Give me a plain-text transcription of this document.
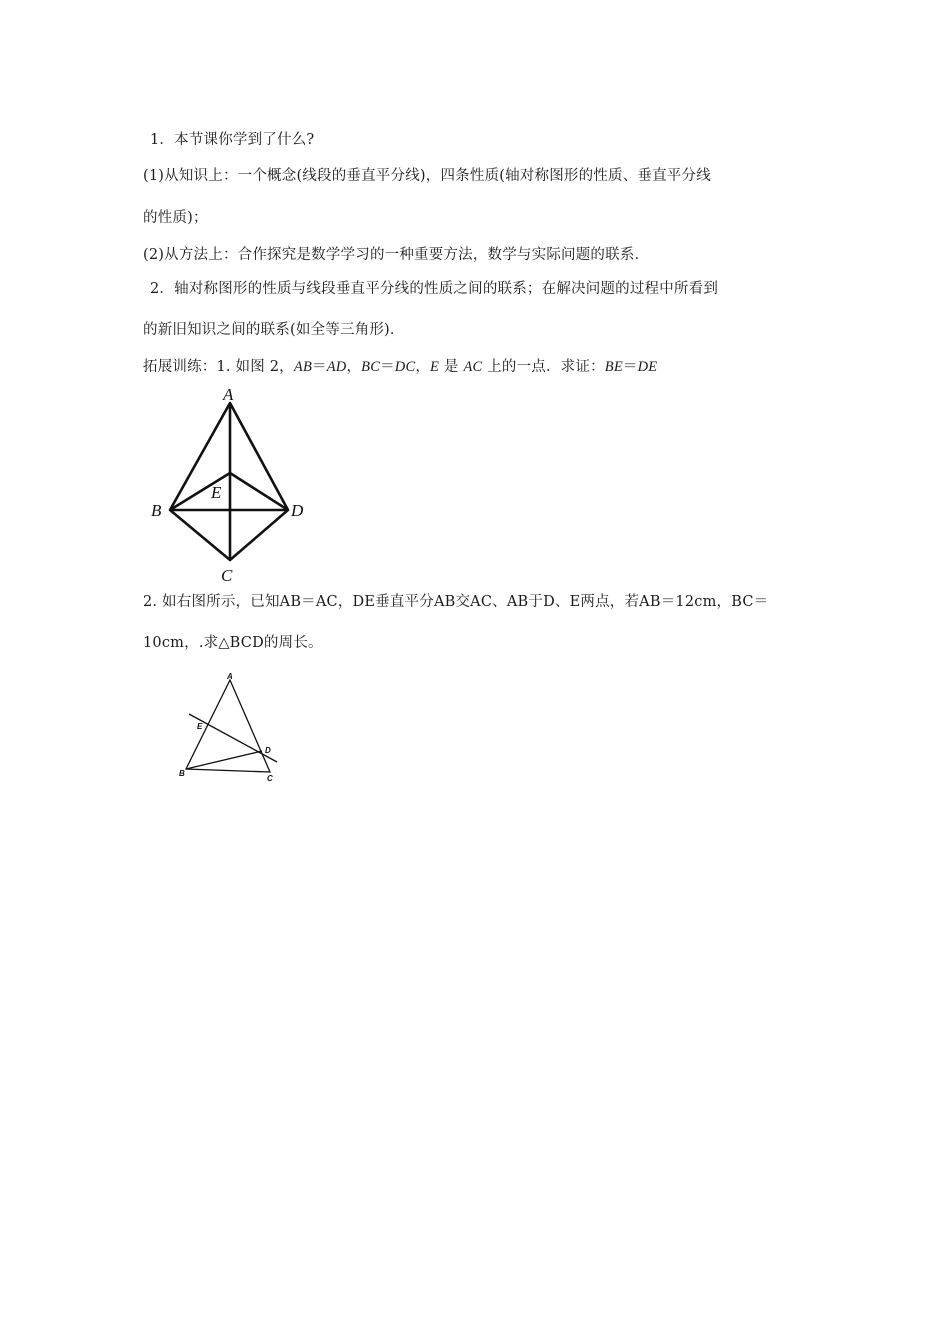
1．本节课你学到了什么?
(1)从知识上：一个概念(线段的垂直平分线)，四条性质(轴对称图形的性质、垂直平分线
的性质)；
(2)从方法上：合作探究是数学学习的一种重要方法，数学与实际问题的联系．
2．轴对称图形的性质与线段垂直平分线的性质之间的联系；在解决问题的过程中所看到
的新旧知识之间的联系(如全等三角形)．
拓展训练：1. 如图 2，AB＝AD，BC＝DC，E 是 AC 上的一点．求证：BE＝DE
A
B
C
D
E
2. 如右图所示，已知AB＝AC，DE垂直平分AB交AC、AB于D、E两点，若AB＝12cm，BC＝
10cm，.求△BCD的周长。
A
B
C
D
E
